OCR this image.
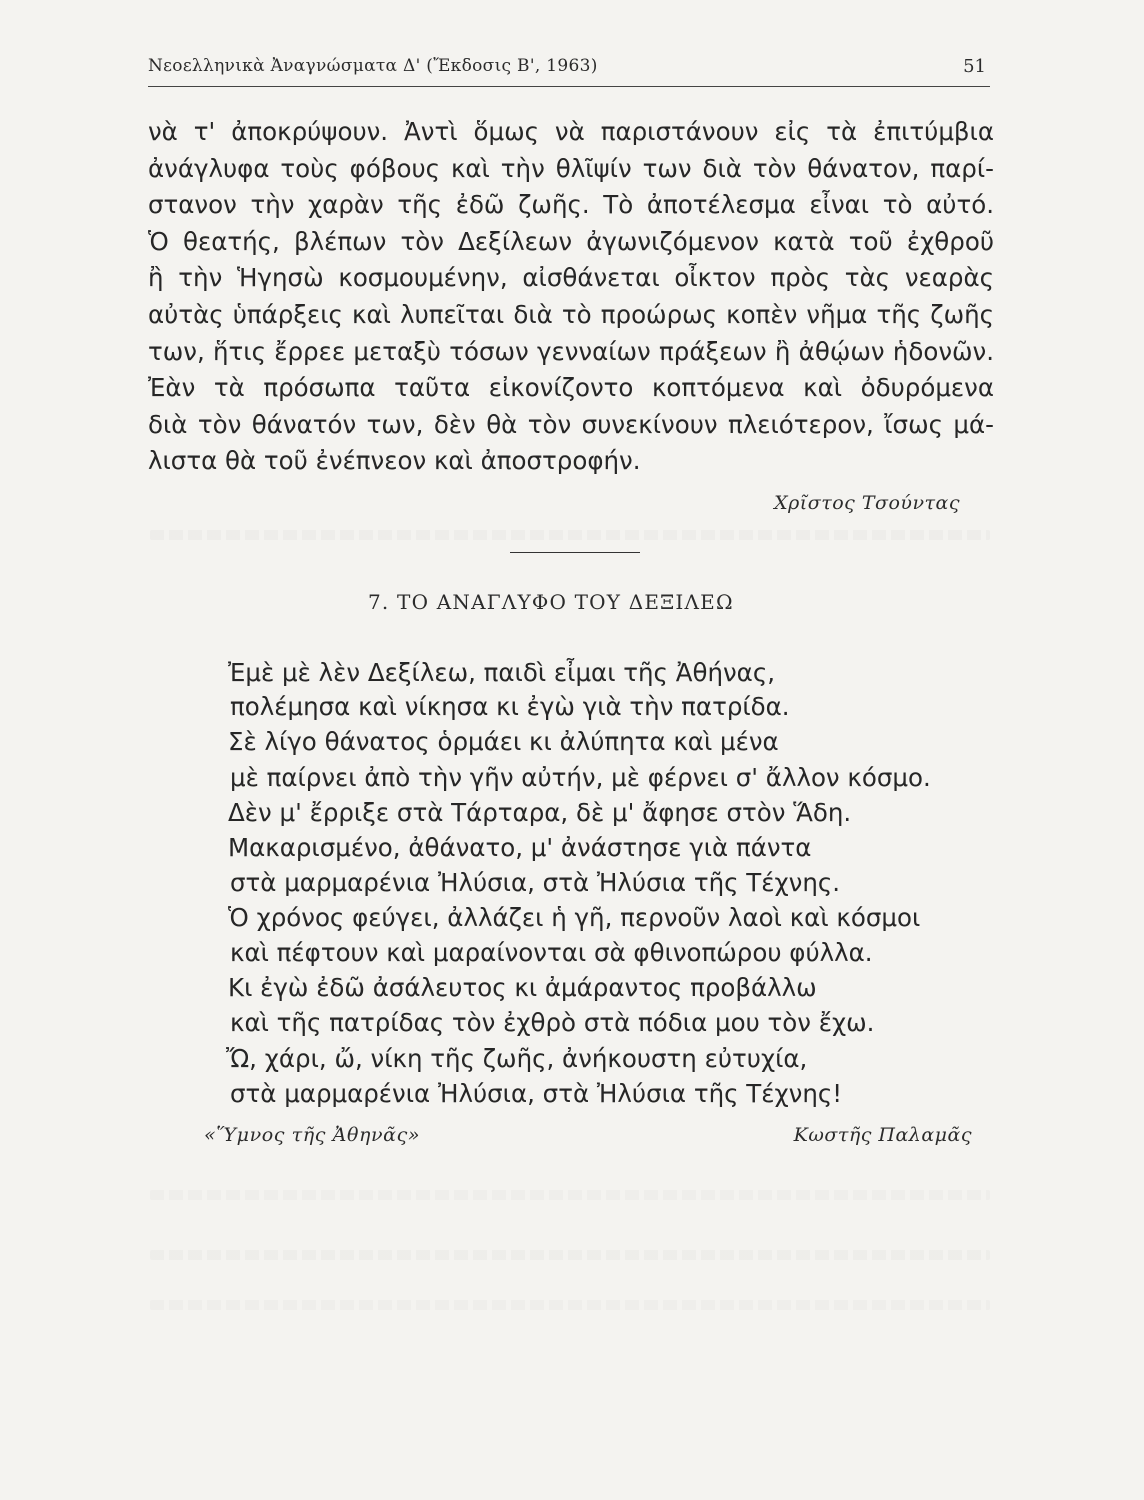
Νεοελληνικὰ Ἀναγνώσματα Δ' (Ἔκδοσις Β', 1963)	51
νὰ τ' ἀποκρύψουν. Ἀντὶ ὅμως νὰ παριστάνουν εἰς τὰ ἐπιτύμβια
ἀνάγλυφα τοὺς φόβους καὶ τὴν θλῖψίν των διὰ τὸν θάνατον, παρί-
στανον τὴν χαρὰν τῆς ἐδῶ ζωῆς. Τὸ ἀποτέλεσμα εἶναι τὸ αὐτό.
Ὁ θεατής, βλέπων τὸν Δεξίλεων ἀγωνιζόμενον κατὰ τοῦ ἐχθροῦ
ἢ τὴν Ἡγησὼ κοσμουμένην, αἰσθάνεται οἶκτον πρὸς τὰς νεαρὰς
αὐτὰς ὑπάρξεις καὶ λυπεῖται διὰ τὸ προώρως κοπὲν νῆμα τῆς ζωῆς
των, ἥτις ἔρρεε μεταξὺ τόσων γενναίων πράξεων ἢ ἀθῴων ἡδονῶν.
Ἐὰν τὰ πρόσωπα ταῦτα εἰκονίζοντο κοπτόμενα καὶ ὀδυρόμενα
διὰ τὸν θάνατόν των, δὲν θὰ τὸν συνεκίνουν πλειότερον, ἴσως μά-
λιστα θὰ τοῦ ἐνέπνεον καὶ ἀποστροφήν.
Χρῖστος Τσούντας
7. ΤΟ ΑΝΑΓΛΥΦΟ ΤΟΥ ΔΕΞΙΛΕΩ
Ἐμὲ μὲ λὲν Δεξίλεω, παιδὶ εἶμαι τῆς Ἀθήνας,
πολέμησα καὶ νίκησα κι ἐγὼ γιὰ τὴν πατρίδα.
Σὲ λίγο θάνατος ὁρμάει κι ἀλύπητα καὶ μένα
μὲ παίρνει ἀπὸ τὴν γῆν αὐτήν, μὲ φέρνει σ' ἄλλον κόσμο.
Δὲν μ' ἔρριξε στὰ Τάρταρα, δὲ μ' ἄφησε στὸν Ἅδη.
Μακαρισμένο, ἀθάνατο, μ' ἀνάστησε γιὰ πάντα
στὰ μαρμαρένια Ἠλύσια, στὰ Ἠλύσια τῆς Τέχνης.
Ὁ χρόνος φεύγει, ἀλλάζει ἡ γῆ, περνοῦν λαοὶ καὶ κόσμοι
καὶ πέφτουν καὶ μαραίνονται σὰ φθινοπώρου φύλλα.
Κι ἐγὼ ἐδῶ ἀσάλευτος κι ἀμάραντος προβάλλω
καὶ τῆς πατρίδας τὸν ἐχθρὸ στὰ πόδια μου τὸν ἔχω.
Ὤ, χάρι, ὤ, νίκη τῆς ζωῆς, ἀνήκουστη εὐτυχία,
στὰ μαρμαρένια Ἠλύσια, στὰ Ἠλύσια τῆς Τέχνης!
«Ὕμνος τῆς Ἀθηνᾶς»	Κωστῆς Παλαμᾶς
